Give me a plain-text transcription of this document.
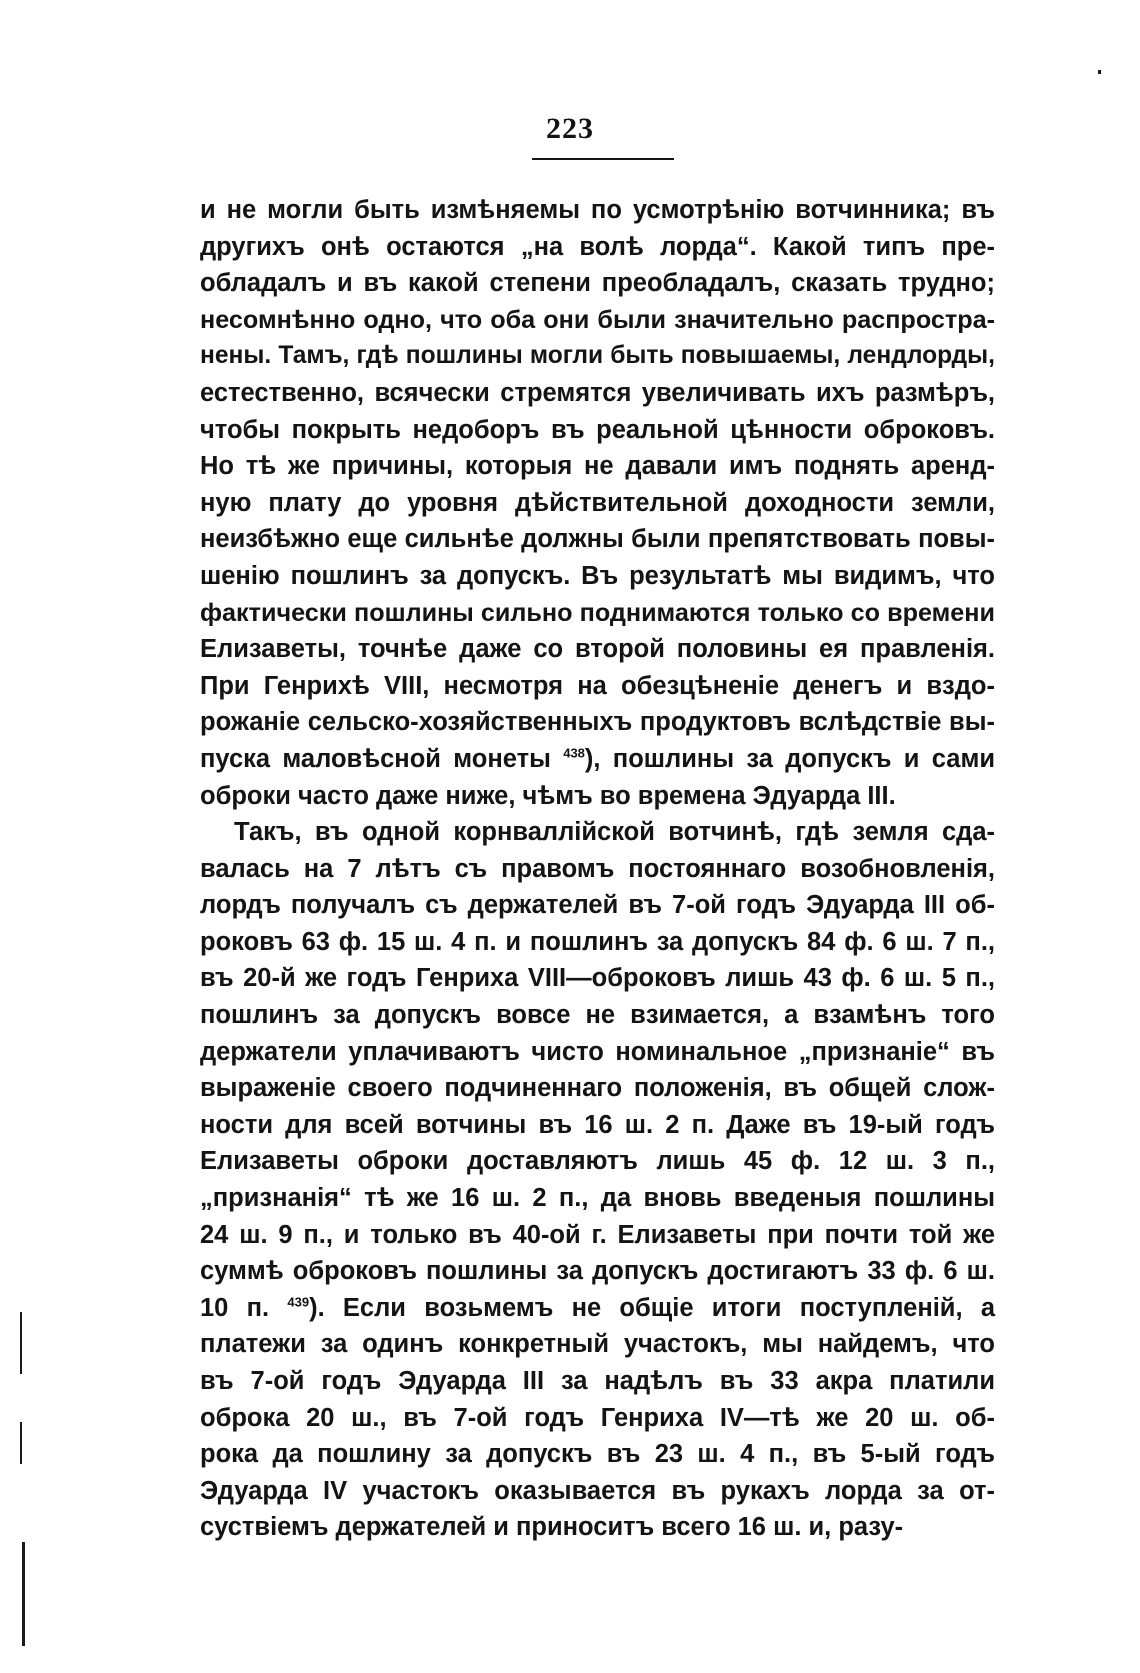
223
и не могли быть измѣняемы по усмотрѣнію вотчинника; въ
другихъ онѣ остаются „на волѣ лорда“. Какой типъ пре-
обладалъ и въ какой степени преобладалъ, сказать трудно;
несомнѣнно одно, что оба они были значительно распростра-
нены. Тамъ, гдѣ пошлины могли быть повышаемы, лендлорды,
естественно, всячески стремятся увеличивать ихъ размѣръ,
чтобы покрыть недоборъ въ реальной цѣнности оброковъ.
Но тѣ же причины, которыя не давали имъ поднять аренд-
ную плату до уровня дѣйствительной доходности земли,
неизбѣжно еще сильнѣе должны были препятствовать повы-
шенію пошлинъ за допускъ. Въ результатѣ мы видимъ, что
фактически пошлины сильно поднимаются только со времени
Елизаветы, точнѣе даже со второй половины ея правленія.
При Генрихѣ VIII, несмотря на обезцѣненіе денегъ и вздо-
рожаніе сельско-хозяйственныхъ продуктовъ вслѣдствіе вы-
пуска маловѣсной монеты $^{438}$), пошлины за допускъ и сами
оброки часто даже ниже, чѣмъ во времена Эдуарда III.
Такъ, въ одной корнваллійской вотчинѣ, гдѣ земля сда-
валась на 7 лѣтъ съ правомъ постояннаго возобновленія,
лордъ получалъ съ держателей въ 7-ой годъ Эдуарда III об-
роковъ 63 ф. 15 ш. 4 п. и пошлинъ за допускъ 84 ф. 6 ш. 7 п.,
въ 20-й же годъ Генриха VIII—оброковъ лишь 43 ф. 6 ш. 5 п.,
пошлинъ за допускъ вовсе не взимается, а взамѣнъ того
держатели уплачиваютъ чисто номинальное „признаніе“ въ
выраженіе своего подчиненнаго положенія, въ общей слож-
ности для всей вотчины въ 16 ш. 2 п. Даже въ 19-ый годъ
Елизаветы оброки доставляютъ лишь 45 ф. 12 ш. 3 п.,
„признанія“ тѣ же 16 ш. 2 п., да вновь введеныя пошлины
24 ш. 9 п., и только въ 40-ой г. Елизаветы при почти той же
суммѣ оброковъ пошлины за допускъ достигаютъ 33 ф. 6 ш.
10 п. $^{439}$). Если возьмемъ не общіе итоги поступленій, а
платежи за одинъ конкретный участокъ, мы найдемъ, что
въ 7-ой годъ Эдуарда III за надѣлъ въ 33 акра платили
оброка 20 ш., въ 7-ой годъ Генриха IV—тѣ же 20 ш. об-
рока да пошлину за допускъ въ 23 ш. 4 п., въ 5-ый годъ
Эдуарда IV участокъ оказывается въ рукахъ лорда за от-
суствіемъ держателей и приноситъ всего 16 ш. и, разу-
